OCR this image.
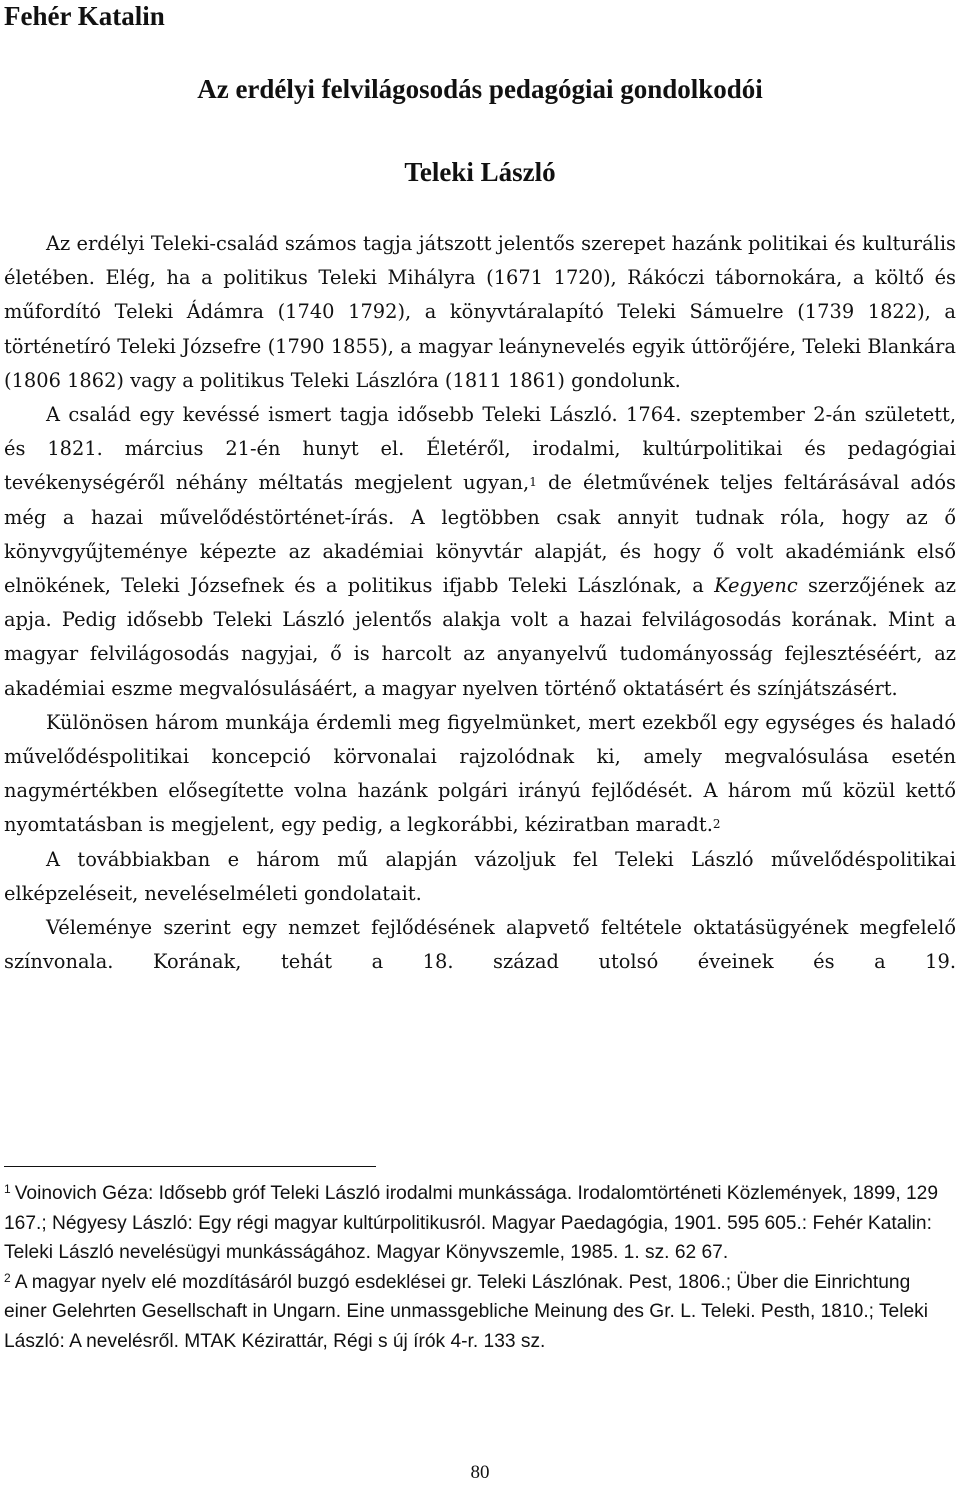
Fehér Katalin
Az erdélyi felvilágosodás pedagógiai gondolkodói
Teleki László

Az erdélyi Teleki-család számos tagja játszott jelentős szerepet hazánk politikai és kulturális életében. Elég, ha a politikus Teleki Mihályra (1671 1720), Rákóczi tábornokára, a költő és műfordító Teleki Ádámra (1740 1792), a könyvtáralapító Teleki Sámuelre (1739 1822), a történetíró Teleki Józsefre (1790 1855), a magyar leánynevelés egyik úttörőjére, Teleki Blankára (1806 1862) vagy a politikus Teleki Lászlóra (1811 1861) gondolunk.

A család egy kevéssé ismert tagja idősebb Teleki László. 1764. szeptember 2-án született, és 1821. március 21-én hunyt el. Életéről, irodalmi, kultúrpolitikai és pedagógiai tevékenységéről néhány méltatás megjelent ugyan,$^1$ de életművének teljes feltárásával adós még a hazai művelődéstörténet-írás. A legtöbben csak annyit tudnak róla, hogy az ő könyvgyűjteménye képezte az akadémiai könyvtár alapját, és hogy ő volt akadémiánk első elnökének, Teleki Józsefnek és a politikus ifjabb Teleki Lászlónak, a Kegyenc szerzőjének az apja. Pedig idősebb Teleki László jelentős alakja volt a hazai felvilágosodás korának. Mint a magyar felvilágosodás nagyjai, ő is harcolt az anyanyelvű tudományosság fejlesztéséért, az akadémiai eszme megvalósulásáért, a magyar nyelven történő oktatásért és színjátszásért.

Különösen három munkája érdemli meg figyelmünket, mert ezekből egy egységes és haladó művelődéspolitikai koncepció körvonalai rajzolódnak ki, amely megvalósulása esetén nagymértékben elősegítette volna hazánk polgári irányú fejlődését. A három mű közül kettő nyomtatásban is megjelent, egy pedig, a legkorábbi, kéziratban maradt.$^2$

A továbbiakban e három mű alapján vázoljuk fel Teleki László művelődéspolitikai elképzeléseit, neveléselméleti gondolatait.

Véleménye szerint egy nemzet fejlődésének alapvető feltétele oktatásügyének megfelelő színvonala. Korának, tehát a 18. század utolsó éveinek és a 19.

$^1$ Voinovich Géza: Idősebb gróf Teleki László irodalmi munkássága. Irodalomtörténeti Közlemények, 1899, 129 167.; Négyesy László: Egy régi magyar kultúrpolitikusról. Magyar Paedagógia, 1901. 595 605.: Fehér Katalin: Teleki László nevelésügyi munkásságához. Magyar Könyvszemle, 1985. 1. sz. 62 67.

$^2$ A magyar nyelv elé mozdításáról buzgó esdeklései gr. Teleki Lászlónak. Pest, 1806.; Über die Einrichtung einer Gelehrten Gesellschaft in Ungarn. Eine unmassgebliche Meinung des Gr. L. Teleki. Pesth, 1810.; Teleki László: A nevelésről. MTAK Kézirattár, Régi s új írók 4-r. 133 sz.

80
